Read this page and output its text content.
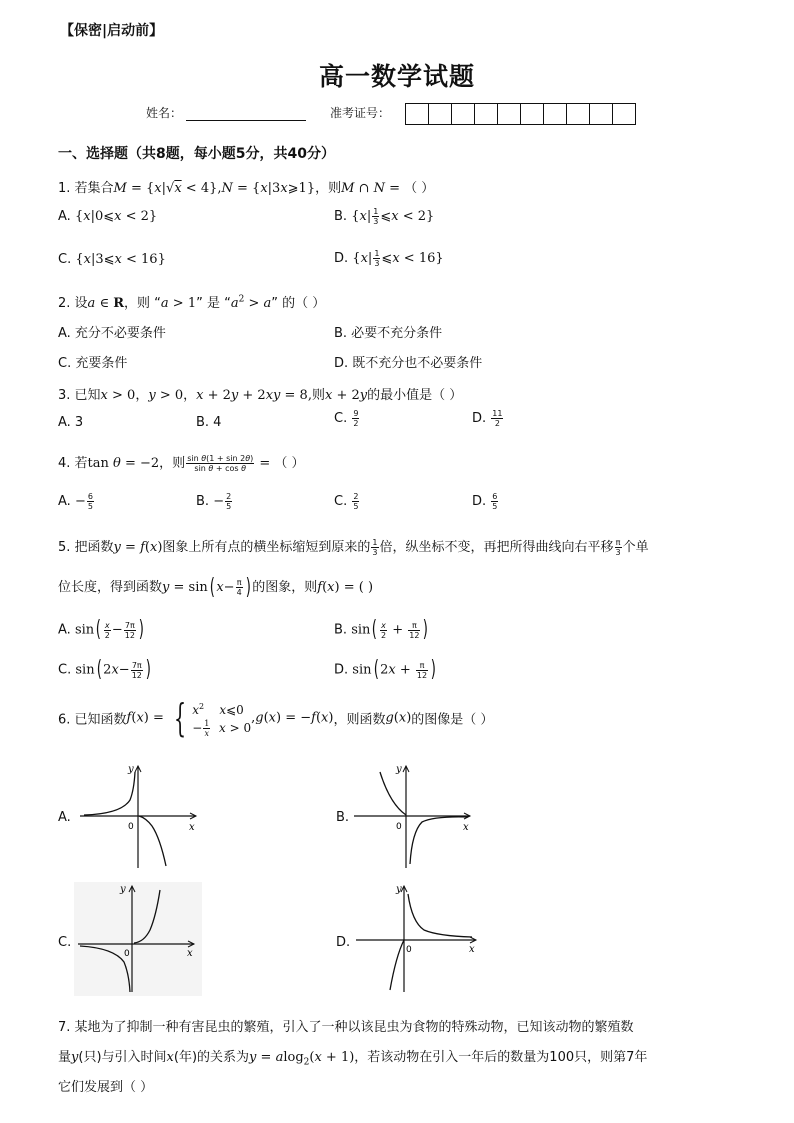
【保密|启动前】
高一数学试题
姓名：	准考证号：
一、选择题（共8题，每小题5分，共40分）
1. 若集合M = {x|√x < 4},N = {x|3x⩾1}，则M ∩ N = （ ）
A. {x|0⩽x < 2}	B. {$x| \frac{1}{3}$ ⩽x < 2}
C. {x|3⩽x < 16}	D. {$x| \frac{1}{3}$ ⩽x < 16}
2. 设a ∈ R，则 “a > 1” 是 “$a^2 > a$” 的（ ）
A. 充分不必要条件	B. 必要不充分条件
C. 充要条件	D. 既不充分也不必要条件
3. 已知x > 0，y > 0，x + 2y + 2xy = 8,则x + 2y的最小值是（ ）
A. 3	B. 4	C. $\frac{9}{2}$	D. $\frac{11}{2}$
4. 若tan θ = −2，则 $\frac{\text{sin θ(1 + sin 2θ)}}{\text{sin θ + cos θ}}$ = （ ）
A. − $\frac{6}{5}$	B. − $\frac{2}{5}$	C. $\frac{2}{5}$	D. $\frac{6}{5}$
5. 把函数y = f(x)图象上所有点的横坐标缩短到原来的 $\frac{1}{3}$ 倍，纵坐标不变，再把所得曲线向右平移 $\frac{\pi}{3}$ 个单
位长度，得到函数y = sin( $x- \frac{\pi}{4}$ ) 的图象，则f(x) = ( )
A. $\sin( \frac{x}{2} - \frac{7\pi}{12}$ )	B. $\sin( \frac{x}{2} + \frac{\pi}{12}$ )
C. sin( $2x- \frac{7\pi}{12}$ )	D. sin( $2x + \frac{\pi}{12}$ )
6. 已知函数f(x) = { $x^2$ x⩽0
− $\frac{1}{x}$ x > 0
,g(x) = −f(x)，则函数g(x)的图像是（ ）
A.
y
x
0
B.
y
x
0
C.
y
x
0
D.
y
x
0
7. 某地为了抑制一种有害昆虫的繁殖，引入了一种以该昆虫为食物的特殊动物，已知该动物的繁殖数
量y(只)与引入时间x(年)的关系为y = alog$_2$(x + 1)，若该动物在引入一年后的数量为100只，则第7年
它们发展到（ ）
